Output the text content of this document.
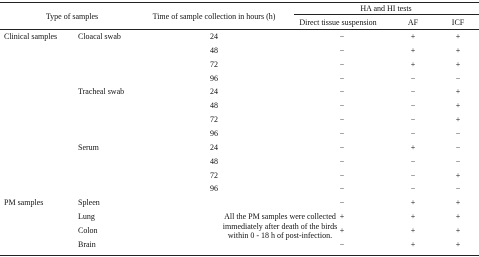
Type of samples	Time of sample collection in hours (h)
HA and HI tests
Direct tissue suspension	AF	ICF
Clinical samples	Cloacal swab	24	−	+	+
48	−	+	+
72	−	+	+
96	−	−	−
Tracheal swab	24	−	−	+
48	−	−	+
72	−	−	+
96	−	−	−
Serum	24	−	+	−
48	−	−	−
72	−	−	+
96	−	−	−
PM samples	Spleen	−	+	+
Lung	+	+	+
Colon	+	+	+
Brain	−	+	+
All the PM samples were collected immediately after death of the birds within 0 - 18 h of post-infection.
